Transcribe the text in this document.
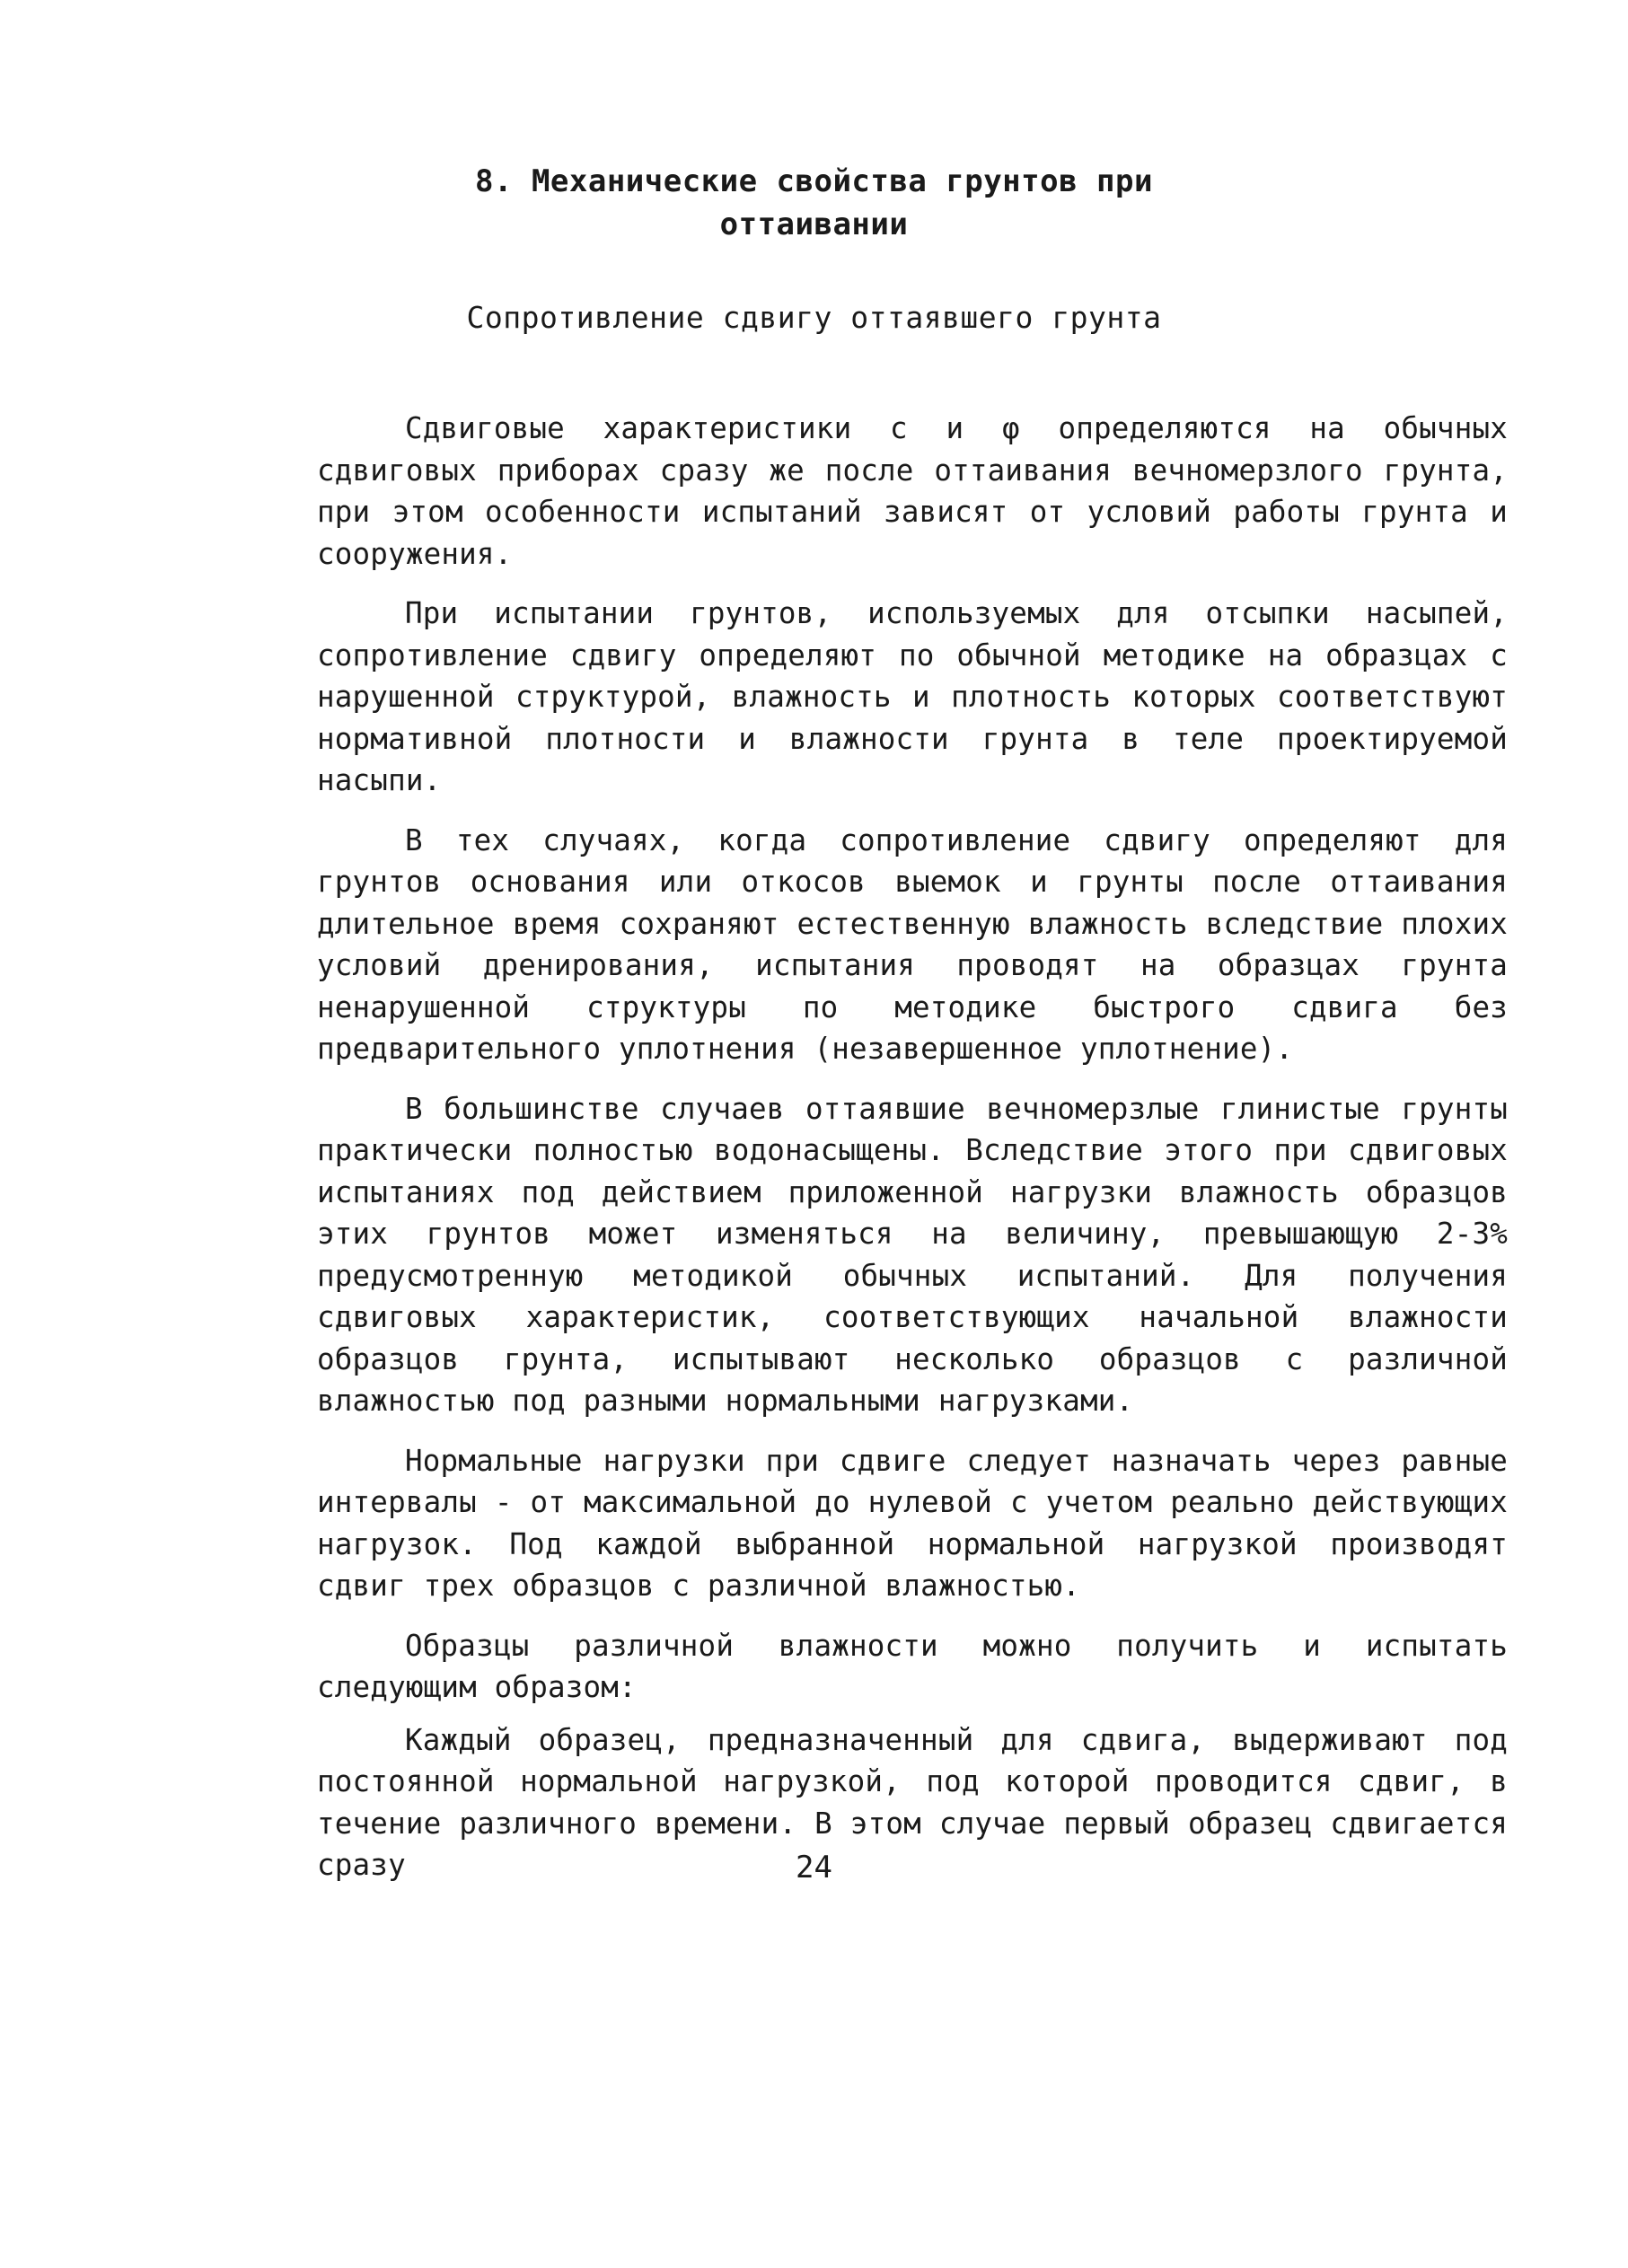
8. Механические свойства грунтов при
оттаивании
Сопротивление сдвигу оттаявшего грунта

Сдвиговые характеристики c и φ определяются на обычных сдвиговых приборах сразу же после оттаивания вечномерзлого грунта, при этом особенности испытаний зависят от условий работы грунта и сооружения.

При испытании грунтов, используемых для отсыпки насыпей, сопротивление сдвигу определяют по обычной методике на образцах с нарушенной структурой, влажность и плотность которых соответствуют нормативной плотности и влажности грунта в теле проектируемой насыпи.

В тех случаях, когда сопротивление сдвигу определяют для грунтов основания или откосов выемок и грунты после оттаивания длительное время сохраняют естественную влажность вследствие плохих условий дренирования, испытания проводят на образцах грунта ненарушенной структуры по методике быстрого сдвига без предварительного уплотнения (незавершенное уплотнение).

В большинстве случаев оттаявшие вечномерзлые глинистые грунты практически полностью водонасыщены. Вследствие этого при сдвиговых испытаниях под действием приложенной нагрузки влажность образцов этих грунтов может изменяться на величину, превышающую 2-3% предусмотренную методикой обычных испытаний. Для получения сдвиговых характеристик, соответствующих начальной влажности образцов грунта, испытывают несколько образцов с различной влажностью под разными нормальными нагрузками.

Нормальные нагрузки при сдвиге следует назначать через равные интервалы - от максимальной до нулевой с учетом реально действующих нагрузок. Под каждой выбранной нормальной нагрузкой производят сдвиг трех образцов с различной влажностью.

Образцы различной влажности можно получить и испытать следующим образом:

Каждый образец, предназначенный для сдвига, выдерживают под постоянной нормальной нагрузкой, под которой проводится сдвиг, в течение различного времени. В этом случае первый образец сдвигается сразу	24
